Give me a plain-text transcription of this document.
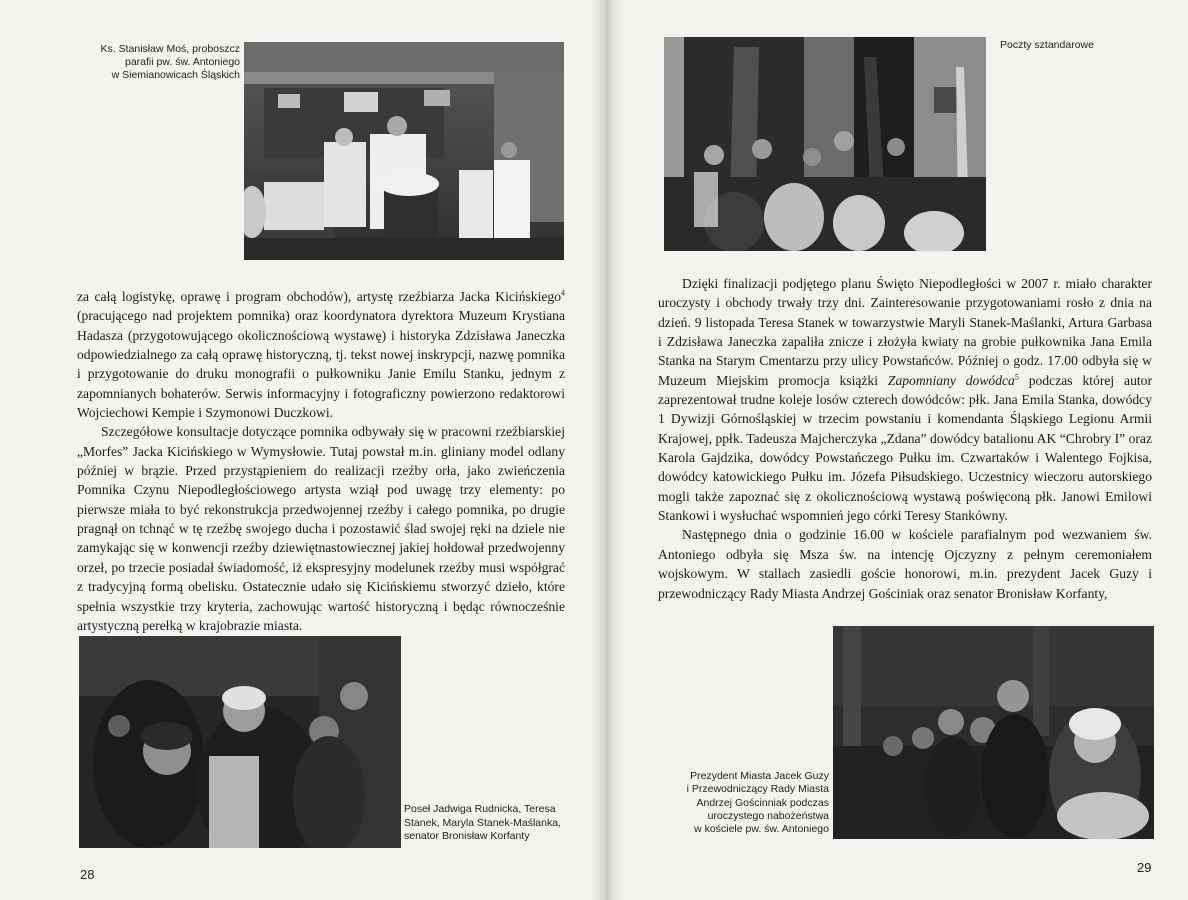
Ks. Stanisław Moś, proboszcz
parafii pw. św. Antoniego
w Siemianowicach Śląskich

za całą logistykę, oprawę i program obchodów), artystę rzeźbiarza Jacka Kicińskiego$^4$ (pracującego nad projektem pomnika) oraz koordynatora dyrektora Muzeum Krystiana Hadasza (przygotowującego okolicznościową wystawę) i historyka Zdzisława Janeczka odpowiedzialnego za całą oprawę historyczną, tj. tekst nowej inskrypcji, nazwę pomnika i przygotowanie do druku monografii o pułkowniku Janie Emilu Stanku, jednym z zapomnianych bohaterów. Serwis informacyjny i fotograficzny powierzono redaktorowi Wojciechowi Kempie i Szymonowi Duczkowi.

Szczegółowe konsultacje dotyczące pomnika odbywały się w pracowni rzeźbiarskiej „Morfes” Jacka Kicińskiego w Wymysłowie. Tutaj powstał m.in. gliniany model odlany później w brązie. Przed przystąpieniem do realizacji rzeźby orła, jako zwieńczenia Pomnika Czynu Niepodległościowego artysta wziął pod uwagę trzy elementy: po pierwsze miała to być rekonstrukcja przedwojennej rzeźby i całego pomnika, po drugie pragnął on tchnąć w tę rzeźbę swojego ducha i pozostawić ślad swojej ręki na dziele nie zamykając się w konwencji rzeźby dziewiętnastowiecznej jakiej hołdował przedwojenny orzeł, po trzecie posiadał świadomość, iż ekspresyjny modelunek rzeźby musi współgrać z tradycyjną formą obelisku. Ostatecznie udało się Kicińskiemu stworzyć dzieło, które spełnia wszystkie trzy kryteria, zachowując wartość historyczną i będąc równocześnie artystyczną perełką w krajobrazie miasta.

Poseł Jadwiga Rudnicka, Teresa
Stanek, Maryla Stanek-Maślanka,
senator Bronisław Korfanty
28
Poczty sztandarowe

Dzięki finalizacji podjętego planu Święto Niepodległości w 2007 r. miało charakter uroczysty i obchody trwały trzy dni. Zainteresowanie przygotowaniami rosło z dnia na dzień. 9 listopada Teresa Stanek w towarzystwie Maryli Stanek-Maślanki, Artura Garbasa i Zdzisława Janeczka zapaliła znicze i złożyła kwiaty na grobie pułkownika Jana Emila Stanka na Starym Cmentarzu przy ulicy Powstańców. Później o godz. 17.00 odbyła się w Muzeum Miejskim promocja książki Zapomniany dowódca$^5$ podczas której autor zaprezentował trudne koleje losów czterech dowódców: płk. Jana Emila Stanka, dowódcy 1 Dywizji Górnośląskiej w trzecim powstaniu i komendanta Śląskiego Legionu Armii Krajowej, ppłk. Tadeusza Majcherczyka „Zdana” dowódcy batalionu AK “Chrobry I” oraz Karola Gajdzika, dowódcy Powstańczego Pułku im. Czwartaków i Walentego Fojkisa, dowódcy katowickiego Pułku im. Józefa Piłsudskiego. Uczestnicy wieczoru autorskiego mogli także zapoznać się z okolicznościową wystawą poświęconą płk. Janowi Emilowi Stankowi i wysłuchać wspomnień jego córki Teresy Stankówny.

Następnego dnia o godzinie 16.00 w kościele parafialnym pod wezwaniem św. Antoniego odbyła się Msza św. na intencję Ojczyzny z pełnym ceremoniałem wojskowym. W stallach zasiedli goście honorowi, m.in. prezydent Jacek Guzy i przewodniczący Rady Miasta Andrzej Gościniak oraz senator Bronisław Korfanty,

Prezydent Miasta Jacek Guzy
i Przewodniczący Rady Miasta
Andrzej Gościnniak podczas
uroczystego nabożeństwa
w kościele pw. św. Antoniego
29
